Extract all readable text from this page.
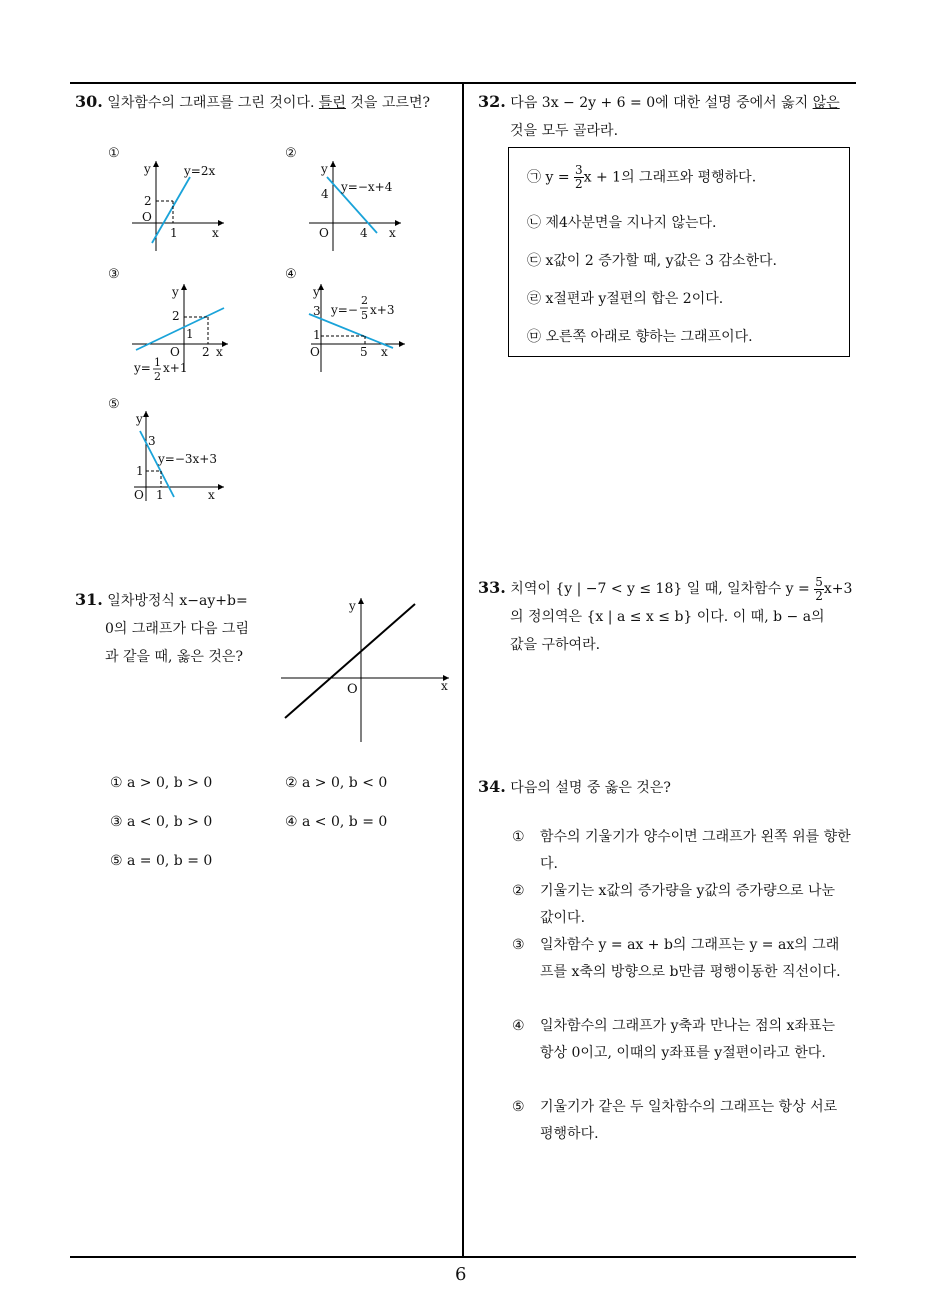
6
30. 일차함수의 그래프를 그린 것이다. 틀린 것을 고르면?
①
y=2x
y
2
O
1	x
②
y
y=−x+4
4
O	4 x
③
y
2
1
O 2 x
y= 1
2
x+1
④
y
3 y=−
2
5 x+3
1
O	5 x
⑤
y
3
y=−3x+3
1
O 1	x
31. 일차방정식 x−ay+b=
0의 그래프가 다음 그림
과 같을 때, 옳은 것은?
y
O	x
① a > 0, b > 0	② a > 0, b < 0
③ a < 0, b > 0	④ a < 0, b = 0
⑤ a = 0, b = 0
32. 다음 3x − 2y + 6 = 0에 대한 설명 중에서 옳지 않은
것을 모두 골라라.
㉠ $y = \frac{3}{2}$ x + 1의 그래프와 평행하다.
㉡ 제4사분면을 지나지 않는다.
㉢ x값이 2 증가할 때, y값은 3 감소한다.
㉣ x절편과 y절편의 합은 2이다.
㉤ 오른쪽 아래로 향하는 그래프이다.
33. 치역이 {y | −7 < y ≤ 18} 일 때, 일차함수 $y = \frac{5}{2} x+3$
의 정의역은 {x | a ≤ x ≤ b} 이다. 이 때, b − a의
값을 구하여라.
34. 다음의 설명 중 옳은 것은?
①	함수의 기울기가 양수이면 그래프가 왼쪽 위를 향한다.
②	기울기는 x값의 증가량을 y값의 증가량으로 나눈 값이다.
③	일차함수 y = ax + b의 그래프는 y = ax의 그래프를 x축의 방향으로 b만큼 평행이동한 직선이다.
④	일차함수의 그래프가 y축과 만나는 점의 x좌표는 항상 0이고, 이때의 y좌표를 y절편이라고 한다.
⑤	기울기가 같은 두 일차함수의 그래프는 항상 서로 평행하다.
